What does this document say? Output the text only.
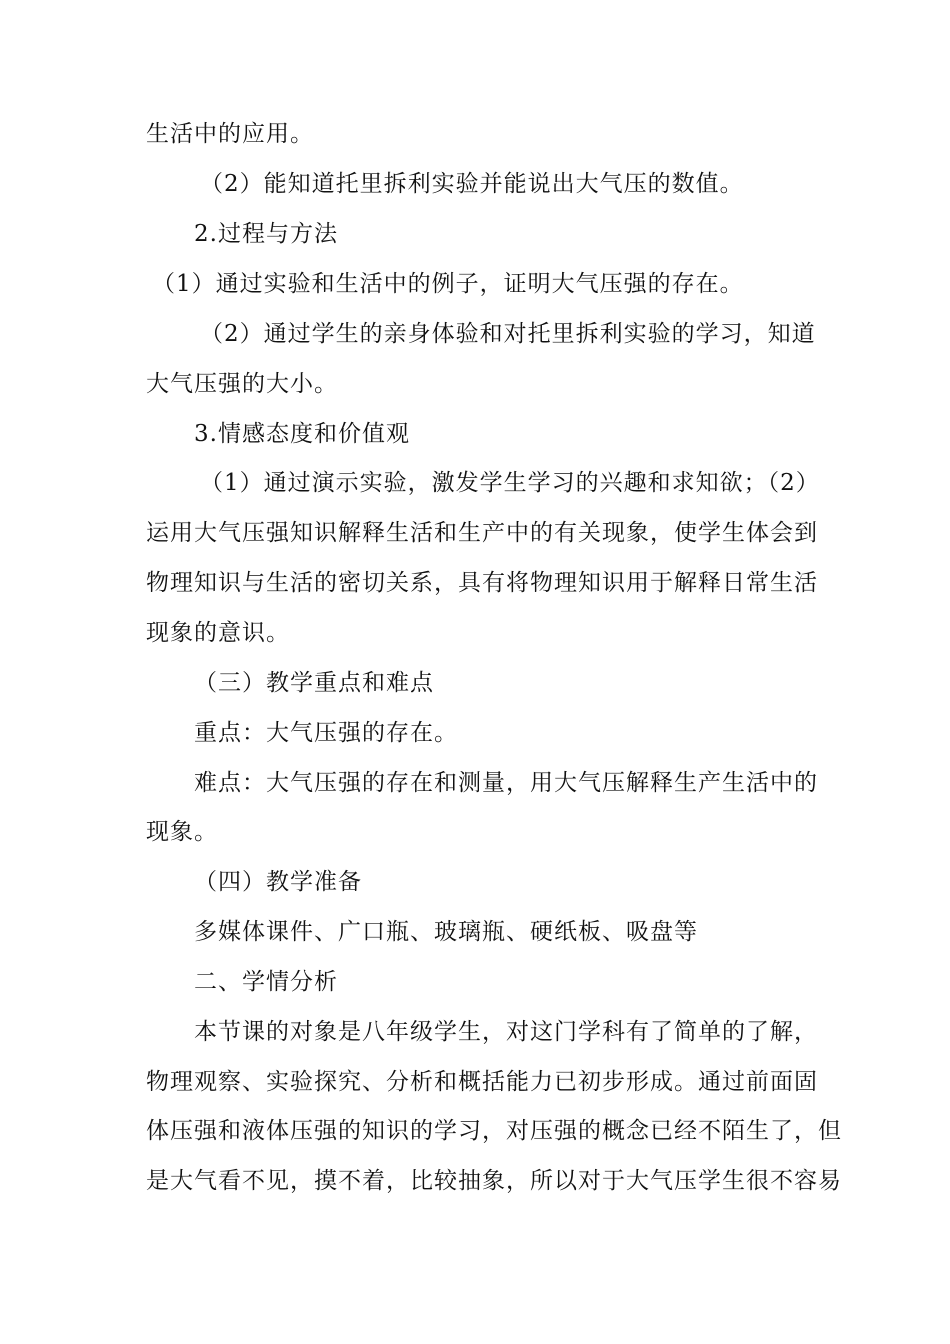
生活中的应用。
（2）能知道托里拆利实验并能说出大气压的数值。
2.过程与方法
（1）通过实验和生活中的例子，证明大气压强的存在。
（2）通过学生的亲身体验和对托里拆利实验的学习，知道
大气压强的大小。
3.情感态度和价值观
（1）通过演示实验，激发学生学习的兴趣和求知欲；（2）
运用大气压强知识解释生活和生产中的有关现象，使学生体会到
物理知识与生活的密切关系，具有将物理知识用于解释日常生活
现象的意识。
（三）教学重点和难点
重点：大气压强的存在。
难点：大气压强的存在和测量，用大气压解释生产生活中的
现象。
（四）教学准备
多媒体课件、广口瓶、玻璃瓶、硬纸板、吸盘等
二、学情分析
本节课的对象是八年级学生，对这门学科有了简单的了解，
物理观察、实验探究、分析和概括能力已初步形成。通过前面固
体压强和液体压强的知识的学习，对压强的概念已经不陌生了，但
是大气看不见，摸不着，比较抽象，所以对于大气压学生很不容易
